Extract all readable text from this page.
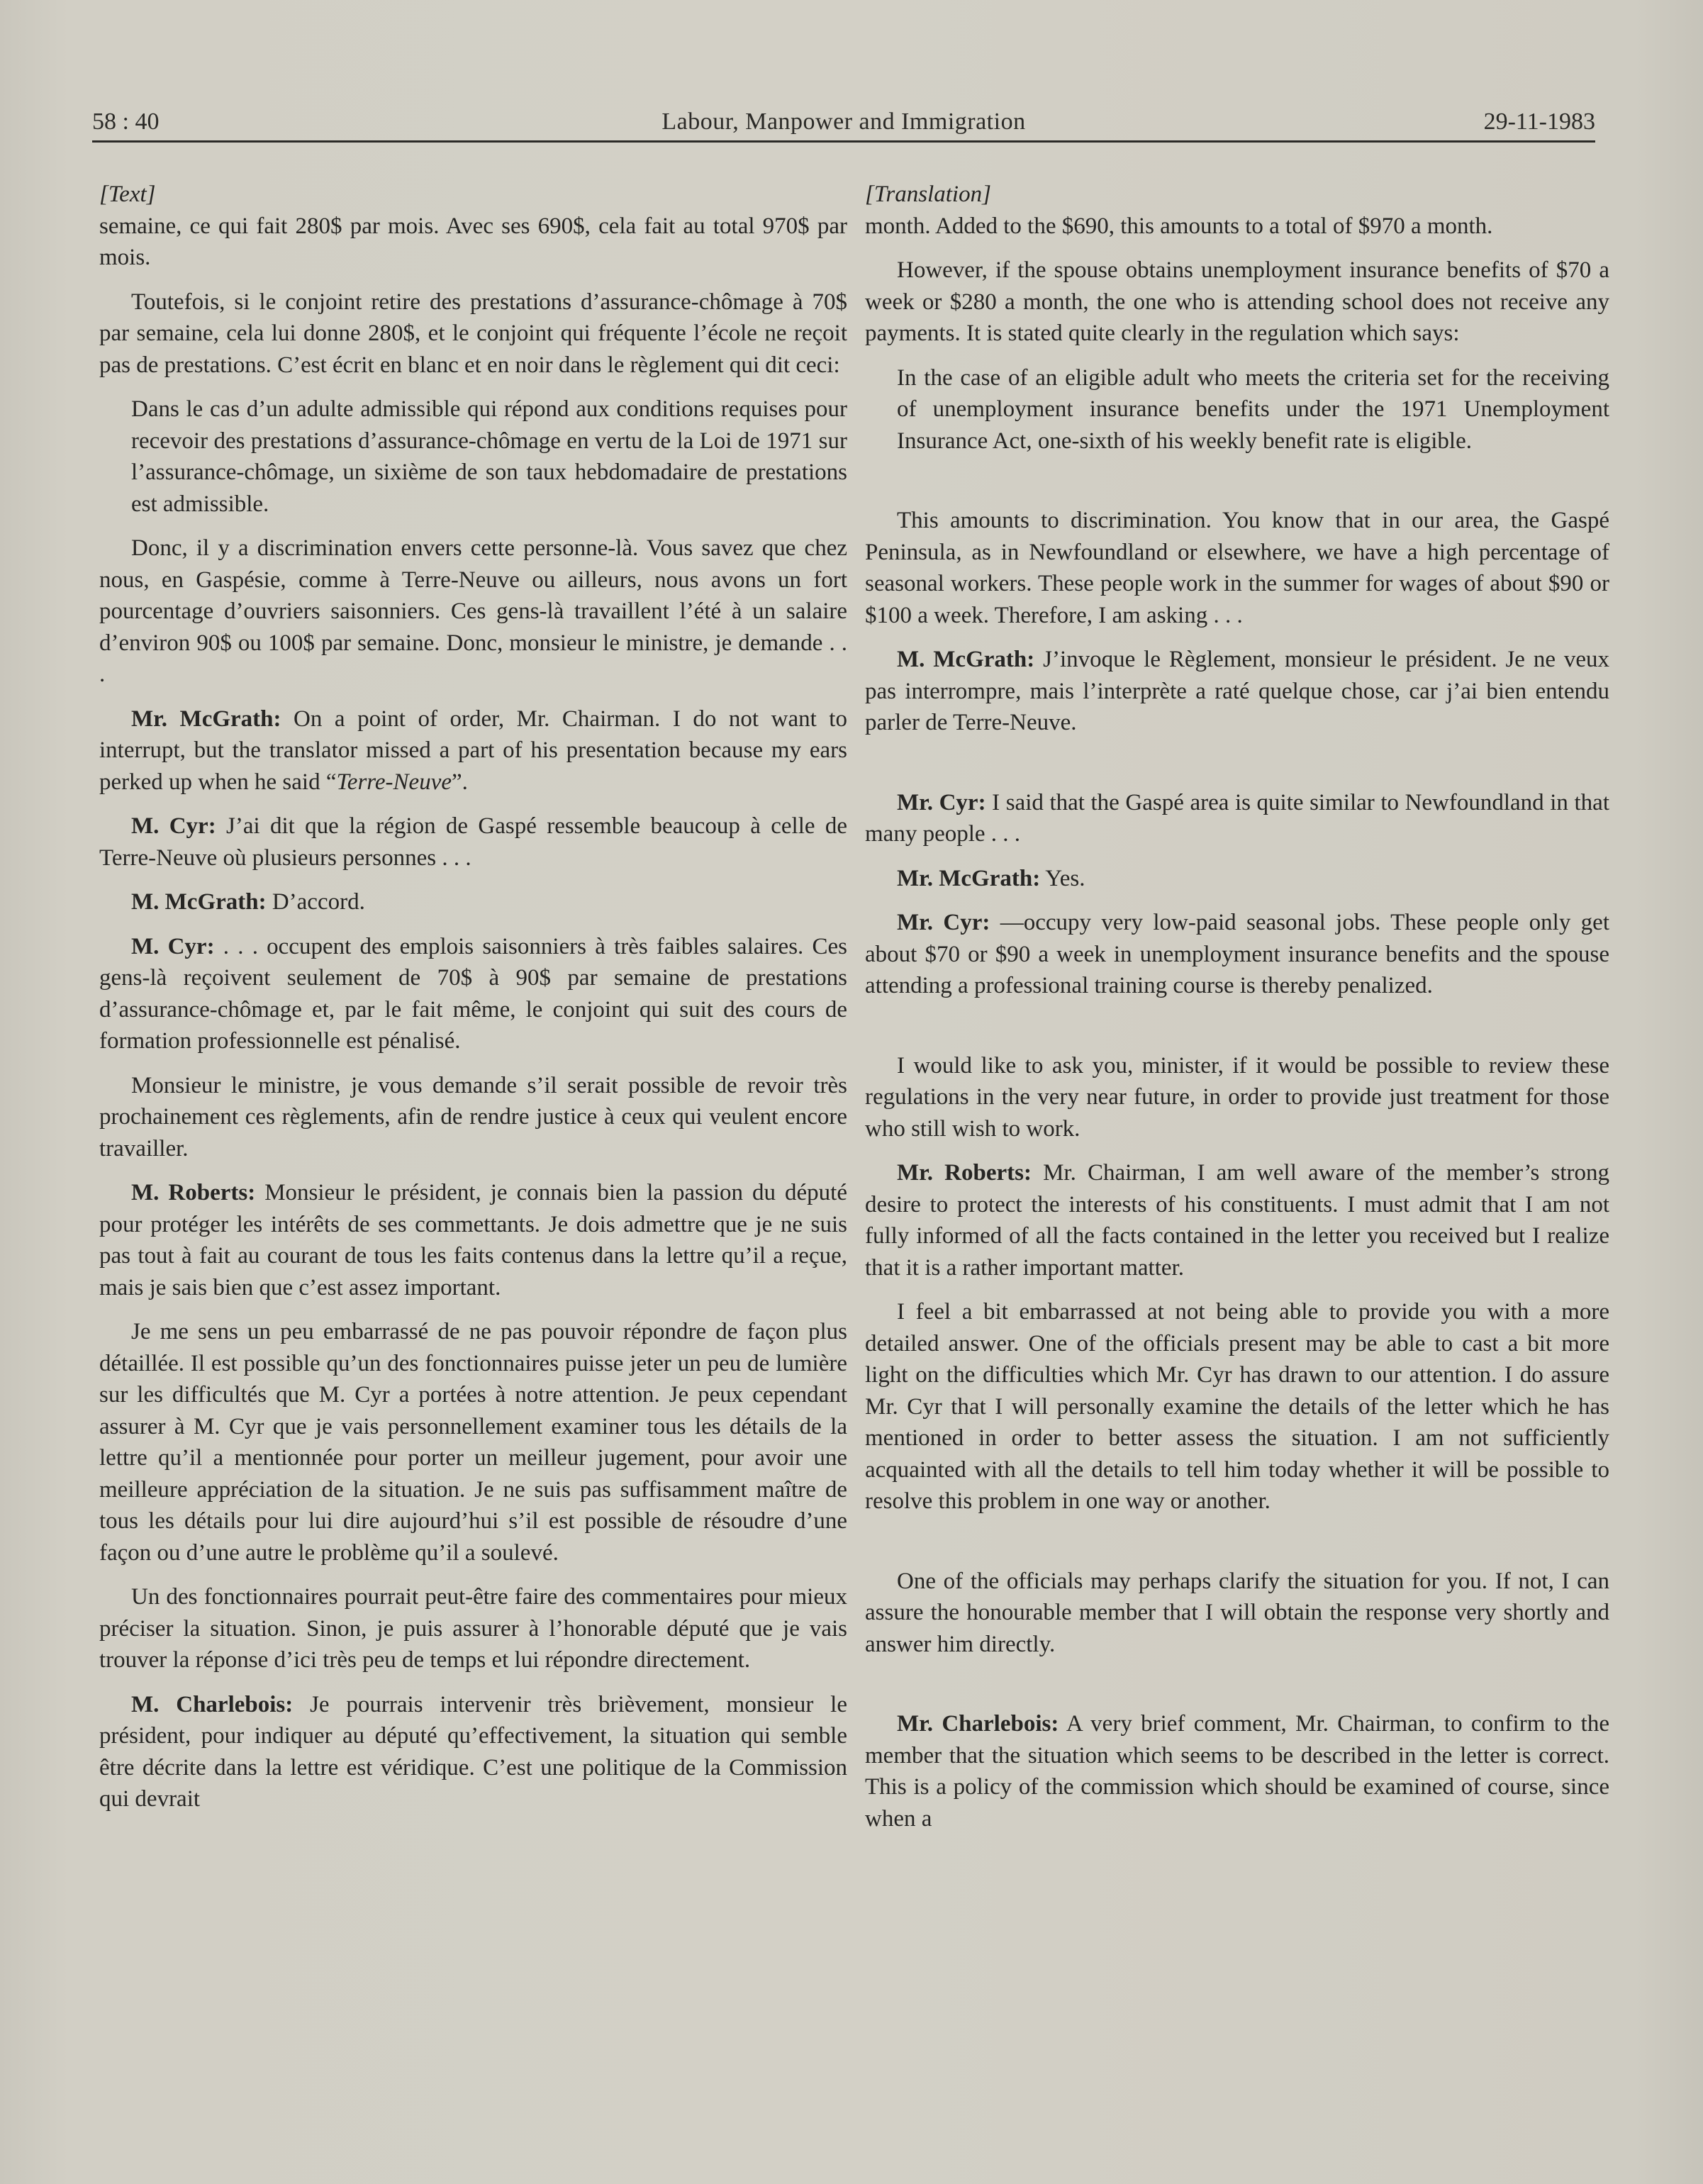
58 : 40	Labour, Manpower and Immigration	29-11-1983

[Text]

semaine, ce qui fait 280$ par mois. Avec ses 690$, cela fait au total 970$ par mois.

Toutefois, si le conjoint retire des prestations d’assurance-chômage à 70$ par semaine, cela lui donne 280$, et le conjoint qui fréquente l’école ne reçoit pas de prestations. C’est écrit en blanc et en noir dans le règlement qui dit ceci:

Dans le cas d’un adulte admissible qui répond aux conditions requises pour recevoir des prestations d’assurance-chômage en vertu de la Loi de 1971 sur l’assurance-chômage, un sixième de son taux hebdomadaire de prestations est admissible.

Donc, il y a discrimination envers cette personne-là. Vous savez que chez nous, en Gaspésie, comme à Terre-Neuve ou ailleurs, nous avons un fort pourcentage d’ouvriers saisonniers. Ces gens-là travaillent l’été à un salaire d’environ 90$ ou 100$ par semaine. Donc, monsieur le ministre, je demande . . .

Mr. McGrath: On a point of order, Mr. Chairman. I do not want to interrupt, but the translator missed a part of his presentation because my ears perked up when he said “Terre-Neuve”.

M. Cyr: J’ai dit que la région de Gaspé ressemble beaucoup à celle de Terre-Neuve où plusieurs personnes . . .

M. McGrath: D’accord.

M. Cyr: . . . occupent des emplois saisonniers à très faibles salaires. Ces gens-là reçoivent seulement de 70$ à 90$ par semaine de prestations d’assurance-chômage et, par le fait même, le conjoint qui suit des cours de formation professionnelle est pénalisé.

Monsieur le ministre, je vous demande s’il serait possible de revoir très prochainement ces règlements, afin de rendre justice à ceux qui veulent encore travailler.

M. Roberts: Monsieur le président, je connais bien la passion du député pour protéger les intérêts de ses commettants. Je dois admettre que je ne suis pas tout à fait au courant de tous les faits contenus dans la lettre qu’il a reçue, mais je sais bien que c’est assez important.

Je me sens un peu embarrassé de ne pas pouvoir répondre de façon plus détaillée. Il est possible qu’un des fonctionnaires puisse jeter un peu de lumière sur les difficultés que M. Cyr a portées à notre attention. Je peux cependant assurer à M. Cyr que je vais personnellement examiner tous les détails de la lettre qu’il a mentionnée pour porter un meilleur jugement, pour avoir une meilleure appréciation de la situation. Je ne suis pas suffisamment maître de tous les détails pour lui dire aujourd’hui s’il est possible de résoudre d’une façon ou d’une autre le problème qu’il a soulevé.

Un des fonctionnaires pourrait peut-être faire des commentaires pour mieux préciser la situation. Sinon, je puis assurer à l’honorable député que je vais trouver la réponse d’ici très peu de temps et lui répondre directement.

M. Charlebois: Je pourrais intervenir très brièvement, monsieur le président, pour indiquer au député qu’effectivement, la situation qui semble être décrite dans la lettre est véridique. C’est une politique de la Commission qui devrait

[Translation]

month. Added to the $690, this amounts to a total of $970 a month.

However, if the spouse obtains unemployment insurance benefits of $70 a week or $280 a month, the one who is attending school does not receive any payments. It is stated quite clearly in the regulation which says:

In the case of an eligible adult who meets the criteria set for the receiving of unemployment insurance benefits under the 1971 Unemployment Insurance Act, one-sixth of his weekly benefit rate is eligible.

This amounts to discrimination. You know that in our area, the Gaspé Peninsula, as in Newfoundland or elsewhere, we have a high percentage of seasonal workers. These people work in the summer for wages of about $90 or $100 a week. Therefore, I am asking . . .

M. McGrath: J’invoque le Règlement, monsieur le président. Je ne veux pas interrompre, mais l’interprète a raté quelque chose, car j’ai bien entendu parler de Terre-Neuve.

Mr. Cyr: I said that the Gaspé area is quite similar to Newfoundland in that many people . . .

Mr. McGrath: Yes.

Mr. Cyr: —occupy very low-paid seasonal jobs. These people only get about $70 or $90 a week in unemployment insurance benefits and the spouse attending a professional training course is thereby penalized.

I would like to ask you, minister, if it would be possible to review these regulations in the very near future, in order to provide just treatment for those who still wish to work.

Mr. Roberts: Mr. Chairman, I am well aware of the member’s strong desire to protect the interests of his constituents. I must admit that I am not fully informed of all the facts contained in the letter you received but I realize that it is a rather important matter.

I feel a bit embarrassed at not being able to provide you with a more detailed answer. One of the officials present may be able to cast a bit more light on the difficulties which Mr. Cyr has drawn to our attention. I do assure Mr. Cyr that I will personally examine the details of the letter which he has mentioned in order to better assess the situation. I am not sufficiently acquainted with all the details to tell him today whether it will be possible to resolve this problem in one way or another.

One of the officials may perhaps clarify the situation for you. If not, I can assure the honourable member that I will obtain the response very shortly and answer him directly.

Mr. Charlebois: A very brief comment, Mr. Chairman, to confirm to the member that the situation which seems to be described in the letter is correct. This is a policy of the commission which should be examined of course, since when a
